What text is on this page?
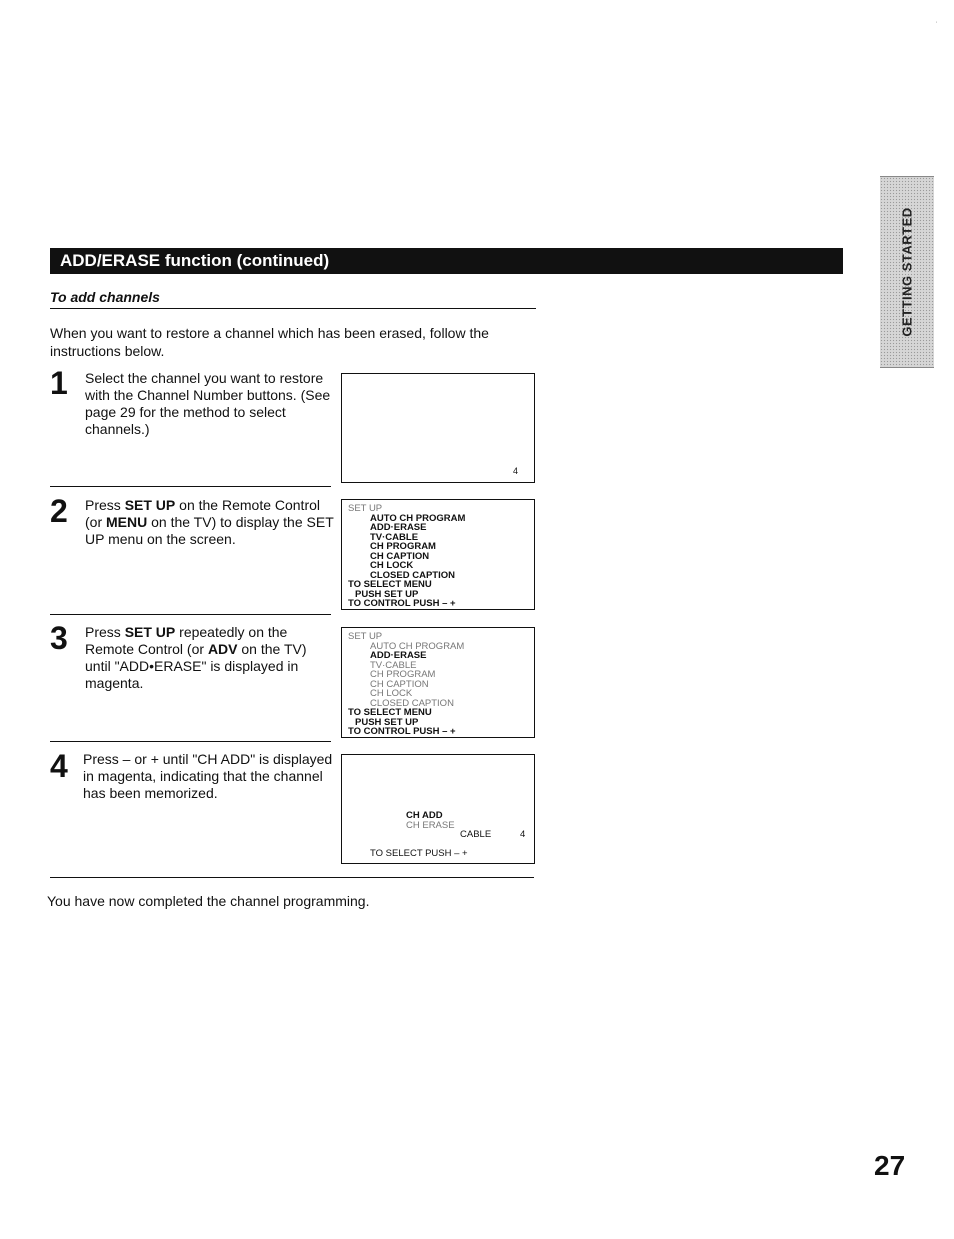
'
GETTING STARTED
ADD/ERASE function (continued)
To add channels
When you want to restore a channel which has been erased, follow the instructions below.
1 Select the channel you want to restore with the Channel Number buttons. (See page 29 for the method to select channels.)
4
2 Press SET UP on the Remote Control (or MENU on the TV) to display the SET UP menu on the screen.
SET UP
AUTO CH PROGRAM
ADD·ERASE
TV·CABLE
CH PROGRAM
CH CAPTION
CH LOCK
CLOSED CAPTION
TO SELECT MENU
PUSH SET UP
TO CONTROL PUSH – +
3 Press SET UP repeatedly on the Remote Control (or ADV on the TV) until "ADD•ERASE" is displayed in magenta.
SET UP
AUTO CH PROGRAM
ADD·ERASE
TV·CABLE
CH PROGRAM
CH CAPTION
CH LOCK
CLOSED CAPTION
TO SELECT MENU
PUSH SET UP
TO CONTROL PUSH – +
4 Press – or + until "CH ADD" is displayed in magenta, indicating that the channel has been memorized.
CH ADD
CH ERASE
CABLE	4
TO SELECT PUSH – +
You have now completed the channel programming.
27
